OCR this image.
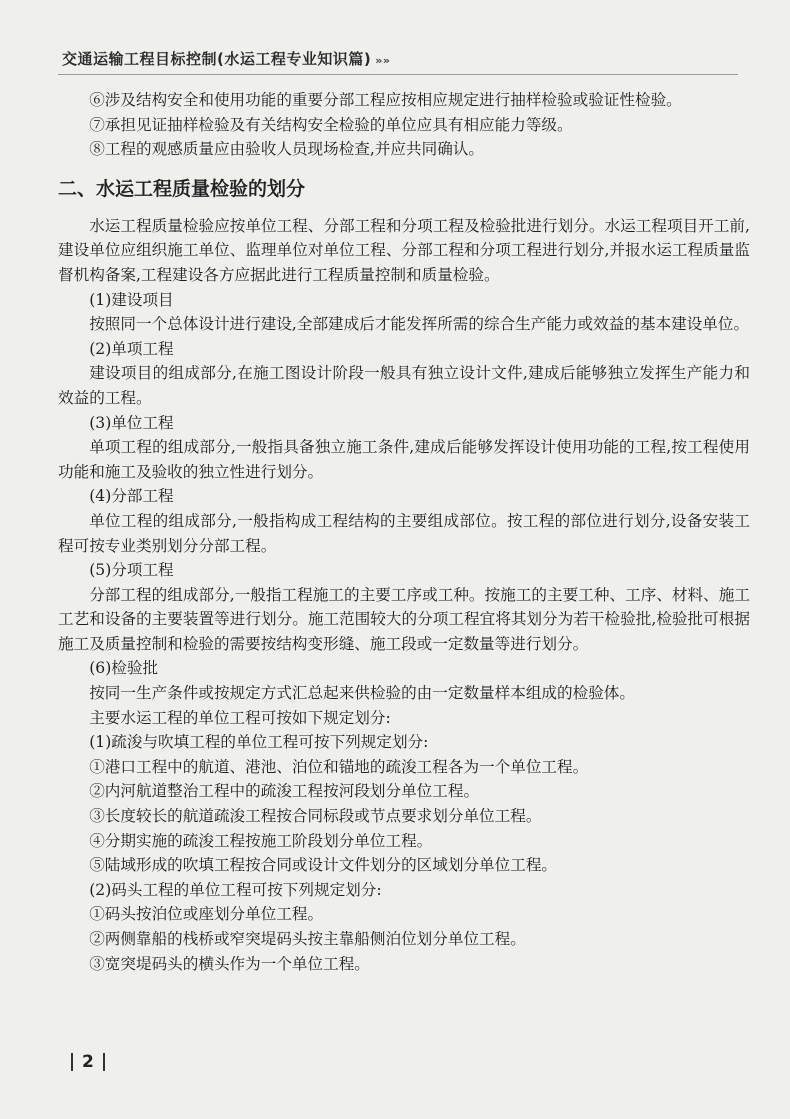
交通运输工程目标控制(水运工程专业知识篇) »»

⑥涉及结构安全和使用功能的重要分部工程应按相应规定进行抽样检验或验证性检验。

⑦承担见证抽样检验及有关结构安全检验的单位应具有相应能力等级。

⑧工程的观感质量应由验收人员现场检查,并应共同确认。

二、水运工程质量检验的划分

水运工程质量检验应按单位工程、分部工程和分项工程及检验批进行划分。水运工程项目开工前,建设单位应组织施工单位、监理单位对单位工程、分部工程和分项工程进行划分,并报水运工程质量监督机构备案,工程建设各方应据此进行工程质量控制和质量检验。

(1)建设项目

按照同一个总体设计进行建设,全部建成后才能发挥所需的综合生产能力或效益的基本建设单位。

(2)单项工程

建设项目的组成部分,在施工图设计阶段一般具有独立设计文件,建成后能够独立发挥生产能力和效益的工程。

(3)单位工程

单项工程的组成部分,一般指具备独立施工条件,建成后能够发挥设计使用功能的工程,按工程使用功能和施工及验收的独立性进行划分。

(4)分部工程

单位工程的组成部分,一般指构成工程结构的主要组成部位。按工程的部位进行划分,设备安装工程可按专业类别划分分部工程。

(5)分项工程

分部工程的组成部分,一般指工程施工的主要工序或工种。按施工的主要工种、工序、材料、施工工艺和设备的主要装置等进行划分。施工范围较大的分项工程宜将其划分为若干检验批,检验批可根据施工及质量控制和检验的需要按结构变形缝、施工段或一定数量等进行划分。

(6)检验批

按同一生产条件或按规定方式汇总起来供检验的由一定数量样本组成的检验体。

主要水运工程的单位工程可按如下规定划分:

(1)疏浚与吹填工程的单位工程可按下列规定划分:

①港口工程中的航道、港池、泊位和锚地的疏浚工程各为一个单位工程。

②内河航道整治工程中的疏浚工程按河段划分单位工程。

③长度较长的航道疏浚工程按合同标段或节点要求划分单位工程。

④分期实施的疏浚工程按施工阶段划分单位工程。

⑤陆域形成的吹填工程按合同或设计文件划分的区域划分单位工程。

(2)码头工程的单位工程可按下列规定划分:

①码头按泊位或座划分单位工程。

②两侧靠船的栈桥或窄突堤码头按主靠船侧泊位划分单位工程。

③宽突堤码头的横头作为一个单位工程。

2
